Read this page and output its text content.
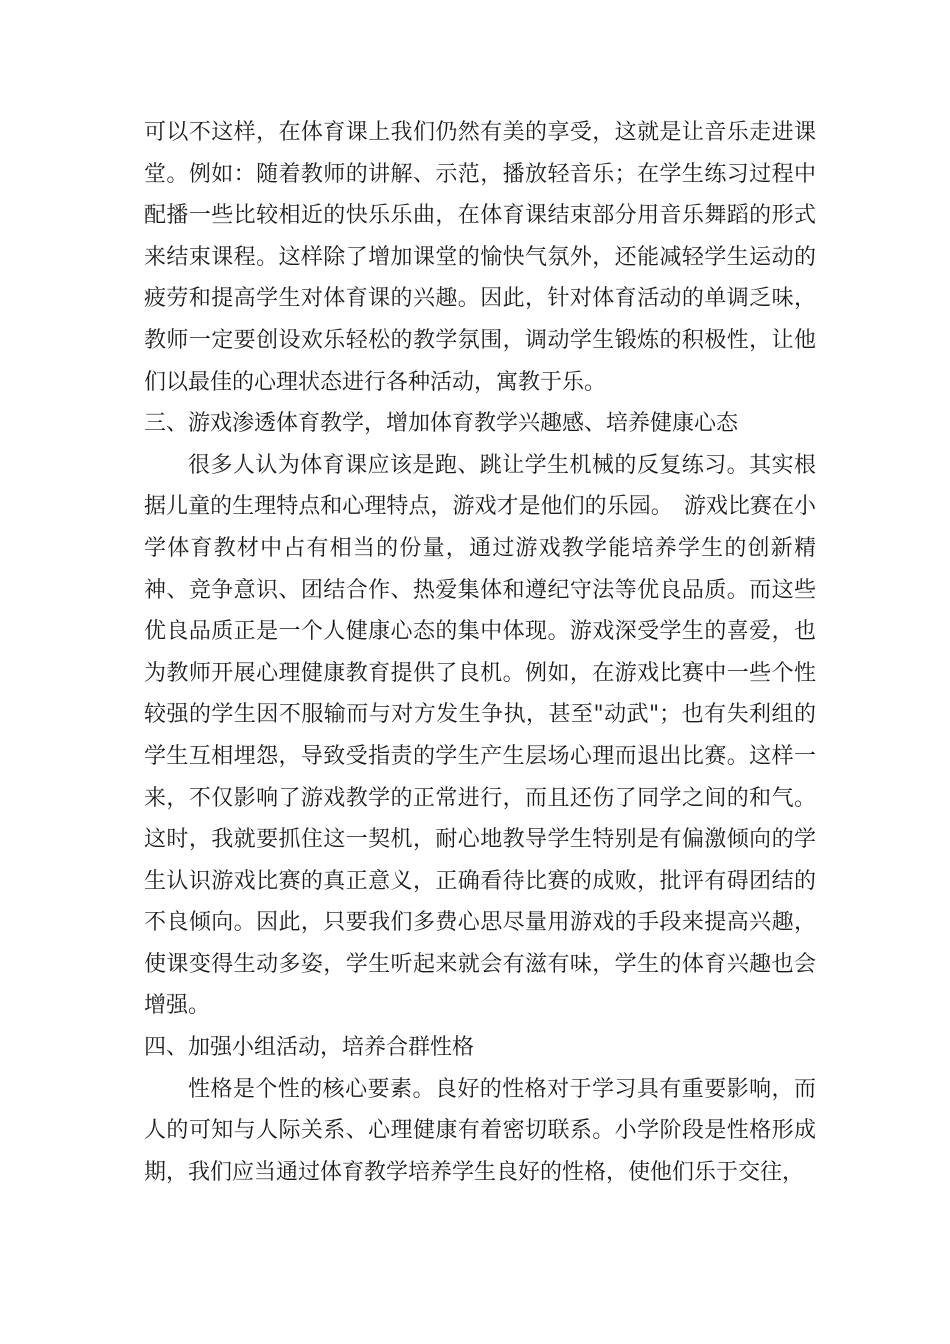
可以不这样，在体育课上我们仍然有美的享受，这就是让音乐走进课堂。例如：随着教师的讲解、示范，播放轻音乐；在学生练习过程中配播一些比较相近的快乐乐曲，在体育课结束部分用音乐舞蹈的形式来结束课程。这样除了增加课堂的愉快气氛外，还能减轻学生运动的疲劳和提高学生对体育课的兴趣。因此，针对体育活动的单调乏味，教师一定要创设欢乐轻松的教学氛围，调动学生锻炼的积极性，让他们以最佳的心理状态进行各种活动，寓教于乐。

三、游戏渗透体育教学，增加体育教学兴趣感、培养健康心态

很多人认为体育课应该是跑、跳让学生机械的反复练习。其实根据儿童的生理特点和心理特点，游戏才是他们的乐园。　游戏比赛在小学体育教材中占有相当的份量，通过游戏教学能培养学生的创新精神、竞争意识、团结合作、热爱集体和遵纪守法等优良品质。而这些优良品质正是一个人健康心态的集中体现。游戏深受学生的喜爱，也为教师开展心理健康教育提供了良机。例如，在游戏比赛中一些个性较强的学生因不服输而与对方发生争执，甚至"动武"；也有失利组的学生互相埋怨，导致受指责的学生产生层场心理而退出比赛。这样一来，不仅影响了游戏教学的正常进行，而且还伤了同学之间的和气。这时，我就要抓住这一契机，耐心地教导学生特别是有偏激倾向的学生认识游戏比赛的真正意义，正确看待比赛的成败，批评有碍团结的不良倾向。因此，只要我们多费心思尽量用游戏的手段来提高兴趣，使课变得生动多姿，学生听起来就会有滋有味，学生的体育兴趣也会增强。

四、加强小组活动，培养合群性格

性格是个性的核心要素。良好的性格对于学习具有重要影响，而人的可知与人际关系、心理健康有着密切联系。小学阶段是性格形成期，我们应当通过体育教学培养学生良好的性格，使他们乐于交往，
